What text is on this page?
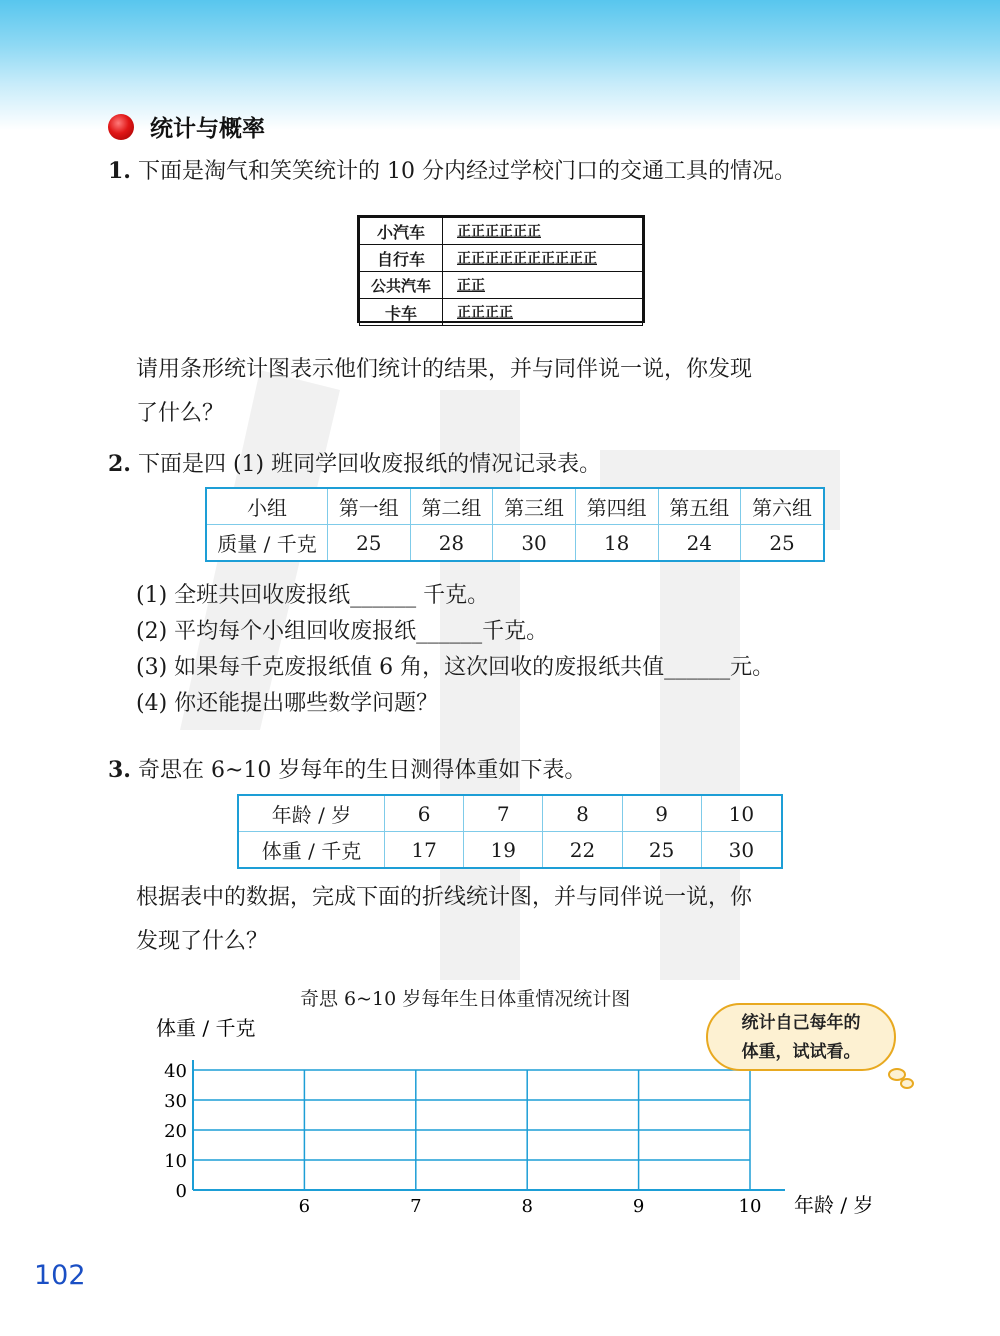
统计与概率
1. 下面是淘气和笑笑统计的 10 分内经过学校门口的交通工具的情况。
小汽车	正正正正正正
自行车	正正正正正正正正正正
公共汽车	正正
卡车	正正正正
请用条形统计图表示他们统计的结果，并与同伴说一说，你发现
了什么？
2. 下面是四 (1) 班同学回收废报纸的情况记录表。
小组	第一组	第二组	第三组	第四组	第五组	第六组
质量 / 千克	25	28	30	18	24	25
(1) 全班共回收废报纸______ 千克。
(2) 平均每个小组回收废报纸______千克。
(3) 如果每千克废报纸值 6 角，这次回收的废报纸共值______元。
(4) 你还能提出哪些数学问题？
3. 奇思在 6~10 岁每年的生日测得体重如下表。
年龄 / 岁	6	7	8	9	10
体重 / 千克	17	19	22	25	30
根据表中的数据，完成下面的折线统计图，并与同伴说一说，你
发现了什么？
奇思 6~10 岁每年生日体重情况统计图
体重 / 千克
0
10
20
30
40
6	7	8	9	10 年龄 / 岁
统计自己每年的
体重，试试看。
102
